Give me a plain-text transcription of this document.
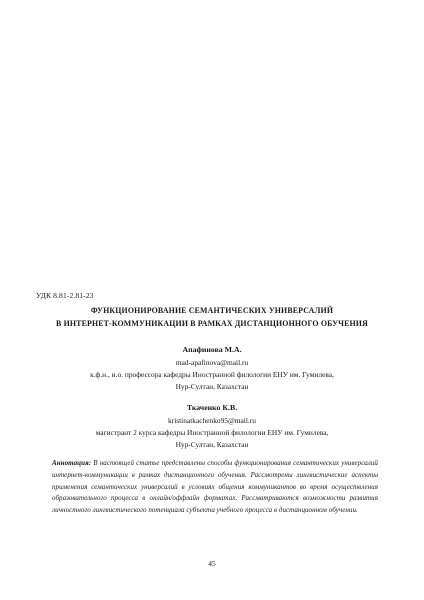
УДК 8.81-2.81-23
ФУНКЦИОНИРОВАНИЕ СЕМАНТИЧЕСКИХ УНИВЕРСАЛИЙ
В ИНТЕРНЕТ-КОММУНИКАЦИИ В РАМКАХ ДИСТАНЦИОННОГО ОБУЧЕНИЯ
Апафинова М.А.
mad-apafinova@mail.ru
к.ф.н., и.о. профессора кафедры Иностранной филологии ЕНУ им. Гумилева,
Нур-Султан, Казахстан
Ткаченко К.В.
kristinatkachenko95@mail.ru
магистрант 2 курса кафедры Иностранной филологии ЕНУ им. Гумилева,
Нур-Султан, Казахстан
Аннотация: В настоящей статье представлены способы функционирования семантических универсалий интернет-коммуникации в рамках дистанционного обучения. Рассмотрены лингвистические аспекты применения семантических универсалий в условиях общения коммуникантов во время осуществления образовательного процесса в онлайн/оффлайн форматах. Рассматриваются возможности развития личностного лингвистического потенциала субъекта учебного процесса в дистанционном обучении.
45
